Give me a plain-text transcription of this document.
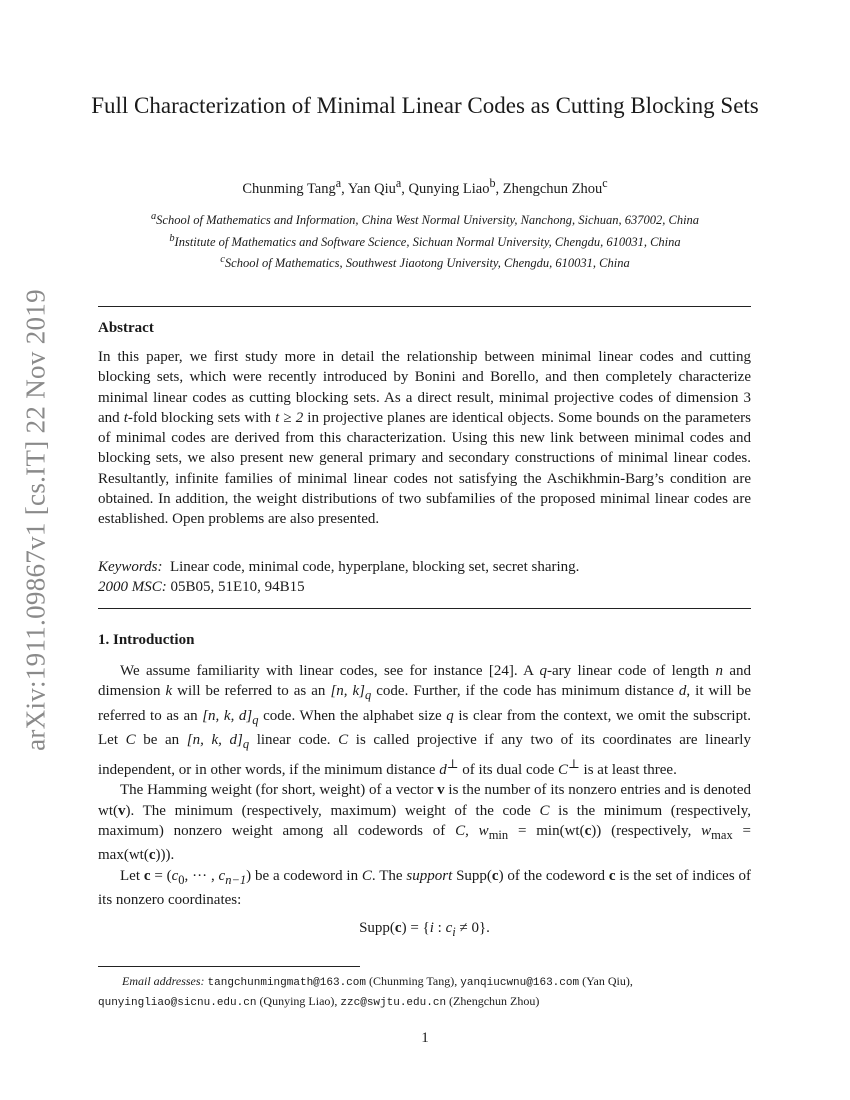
arXiv:1911.09867v1 [cs.IT] 22 Nov 2019
Full Characterization of Minimal Linear Codes as Cutting Blocking Sets
Chunming Tang$^a$, Yan Qiu$^a$, Qunying Liao$^b$, Zhengchun Zhou$^c$
$^a$School of Mathematics and Information, China West Normal University, Nanchong, Sichuan, 637002, China
$^b$Institute of Mathematics and Software Science, Sichuan Normal University, Chengdu, 610031, China
$^c$School of Mathematics, Southwest Jiaotong University, Chengdu, 610031, China
Abstract
In this paper, we first study more in detail the relationship between minimal linear codes and cutting blocking sets, which were recently introduced by Bonini and Borello, and then completely characterize minimal linear codes as cutting blocking sets. As a direct result, minimal projective codes of dimension 3 and t-fold blocking sets with t ≥ 2 in projective planes are identical objects. Some bounds on the parameters of minimal codes are derived from this characterization. Using this new link between minimal codes and blocking sets, we also present new general primary and secondary constructions of minimal linear codes. Resultantly, infinite families of minimal linear codes not satisfying the Aschikhmin-Barg’s condition are obtained. In addition, the weight distributions of two subfamilies of the proposed minimal linear codes are established. Open problems are also presented.
Keywords: Linear code, minimal code, hyperplane, blocking set, secret sharing.
2000 MSC: 05B05, 51E10, 94B15
1. Introduction

We assume familiarity with linear codes, see for instance [24]. A q-ary linear code of length n and dimension k will be referred to as an [n, $k]_q$ code. Further, if the code has minimum distance d, it will be referred to as an [n, k, $d]_q$ code. When the alphabet size q is clear from the context, we omit the subscript. Let C be an [n, k, $d]_q$ linear code. C is called projective if any two of its coordinates are linearly independent, or in other words, if the minimum distance d⊥ of its dual code C⊥ is at least three.

The Hamming weight (for short, weight) of a vector v is the number of its nonzero entries and is denoted wt(v). The minimum (respectively, maximum) weight of the code C is the minimum (respectively, maximum) nonzero weight among all codewords of C, $w_{min} = \min(wt(c))$ (respectively, $w_{max} = \max(wt(c))$).

Let $c = (c_0$, ··· , $c_{n-1}$) be a codeword in C. The support Supp(c) of the codeword c is the set of indices of its nonzero coordinates:

Supp(c) = {i : $c_i \ne 0$}.
Email addresses: tangchunmingmath@163.com (Chunming Tang), yanqiucwnu@163.com (Yan Qiu),
qunyingliao@sicnu.edu.cn (Qunying Liao), zzc@swjtu.edu.cn (Zhengchun Zhou)
1
